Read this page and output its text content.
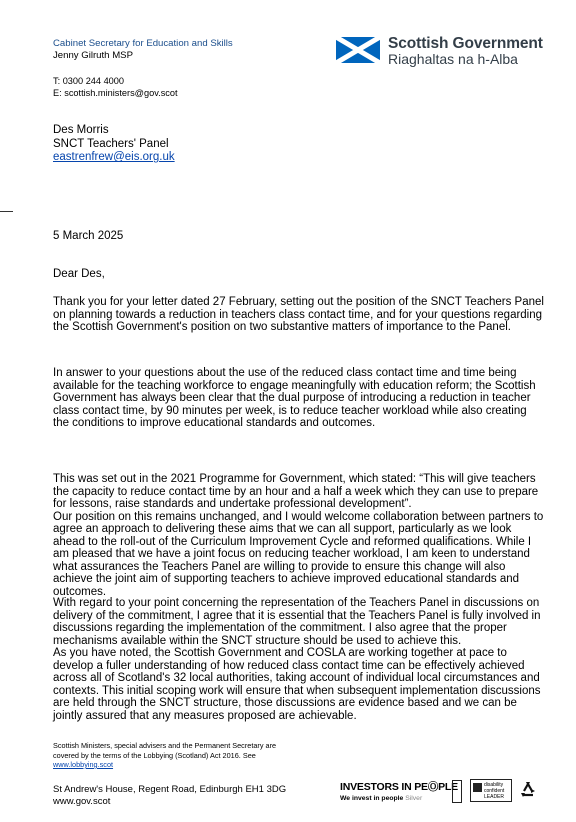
Cabinet Secretary for Education and Skills
Jenny Gilruth MSP
T: 0300 244 4000
E: scottish.ministers@gov.scot
Scottish Government
Riaghaltas na h-Alba
Des Morris
SNCT Teachers' Panel
eastrenfrew@eis.org.uk
5 March 2025
Dear Des,

Thank you for your letter dated 27 February, setting out the position of the SNCT Teachers Panel on planning towards a reduction in teachers class contact time, and for your questions regarding the Scottish Government's position on two substantive matters of importance to the Panel.

In answer to your questions about the use of the reduced class contact time and time being available for the teaching workforce to engage meaningfully with education reform; the Scottish Government has always been clear that the dual purpose of introducing a reduction in teacher class contact time, by 90 minutes per week, is to reduce teacher workload while also creating the conditions to improve educational standards and outcomes.

This was set out in the 2021 Programme for Government, which stated: “This will give teachers the capacity to reduce contact time by an hour and a half a week which they can use to prepare for lessons, raise standards and undertake professional development”.

Our position on this remains unchanged, and I would welcome collaboration between partners to agree an approach to delivering these aims that we can all support, particularly as we look ahead to the roll-out of the Curriculum Improvement Cycle and reformed qualifications. While I am pleased that we have a joint focus on reducing teacher workload, I am keen to understand what assurances the Teachers Panel are willing to provide to ensure this change will also achieve the joint aim of supporting teachers to achieve improved educational standards and outcomes.

With regard to your point concerning the representation of the Teachers Panel in discussions on delivery of the commitment, I agree that it is essential that the Teachers Panel is fully involved in discussions regarding the implementation of the commitment. I also agree that the proper mechanisms available within the SNCT structure should be used to achieve this.

As you have noted, the Scottish Government and COSLA are working together at pace to develop a fuller understanding of how reduced class contact time can be effectively achieved across all of Scotland's 32 local authorities, taking account of individual local circumstances and contexts. This initial scoping work will ensure that when subsequent implementation discussions are held through the SNCT structure, those discussions are evidence based and we can be jointly assured that any measures proposed are achievable.

Scottish Ministers, special advisers and the Permanent Secretary are
covered by the terms of the Lobbying (Scotland) Act 2016. See
www.lobbying.scot
St Andrew's House, Regent Road, Edinburgh EH1 3DG
www.gov.scot
INVESTORS IN PEⓄPLE
We invest in people Silver
disability
confident
LEADER
